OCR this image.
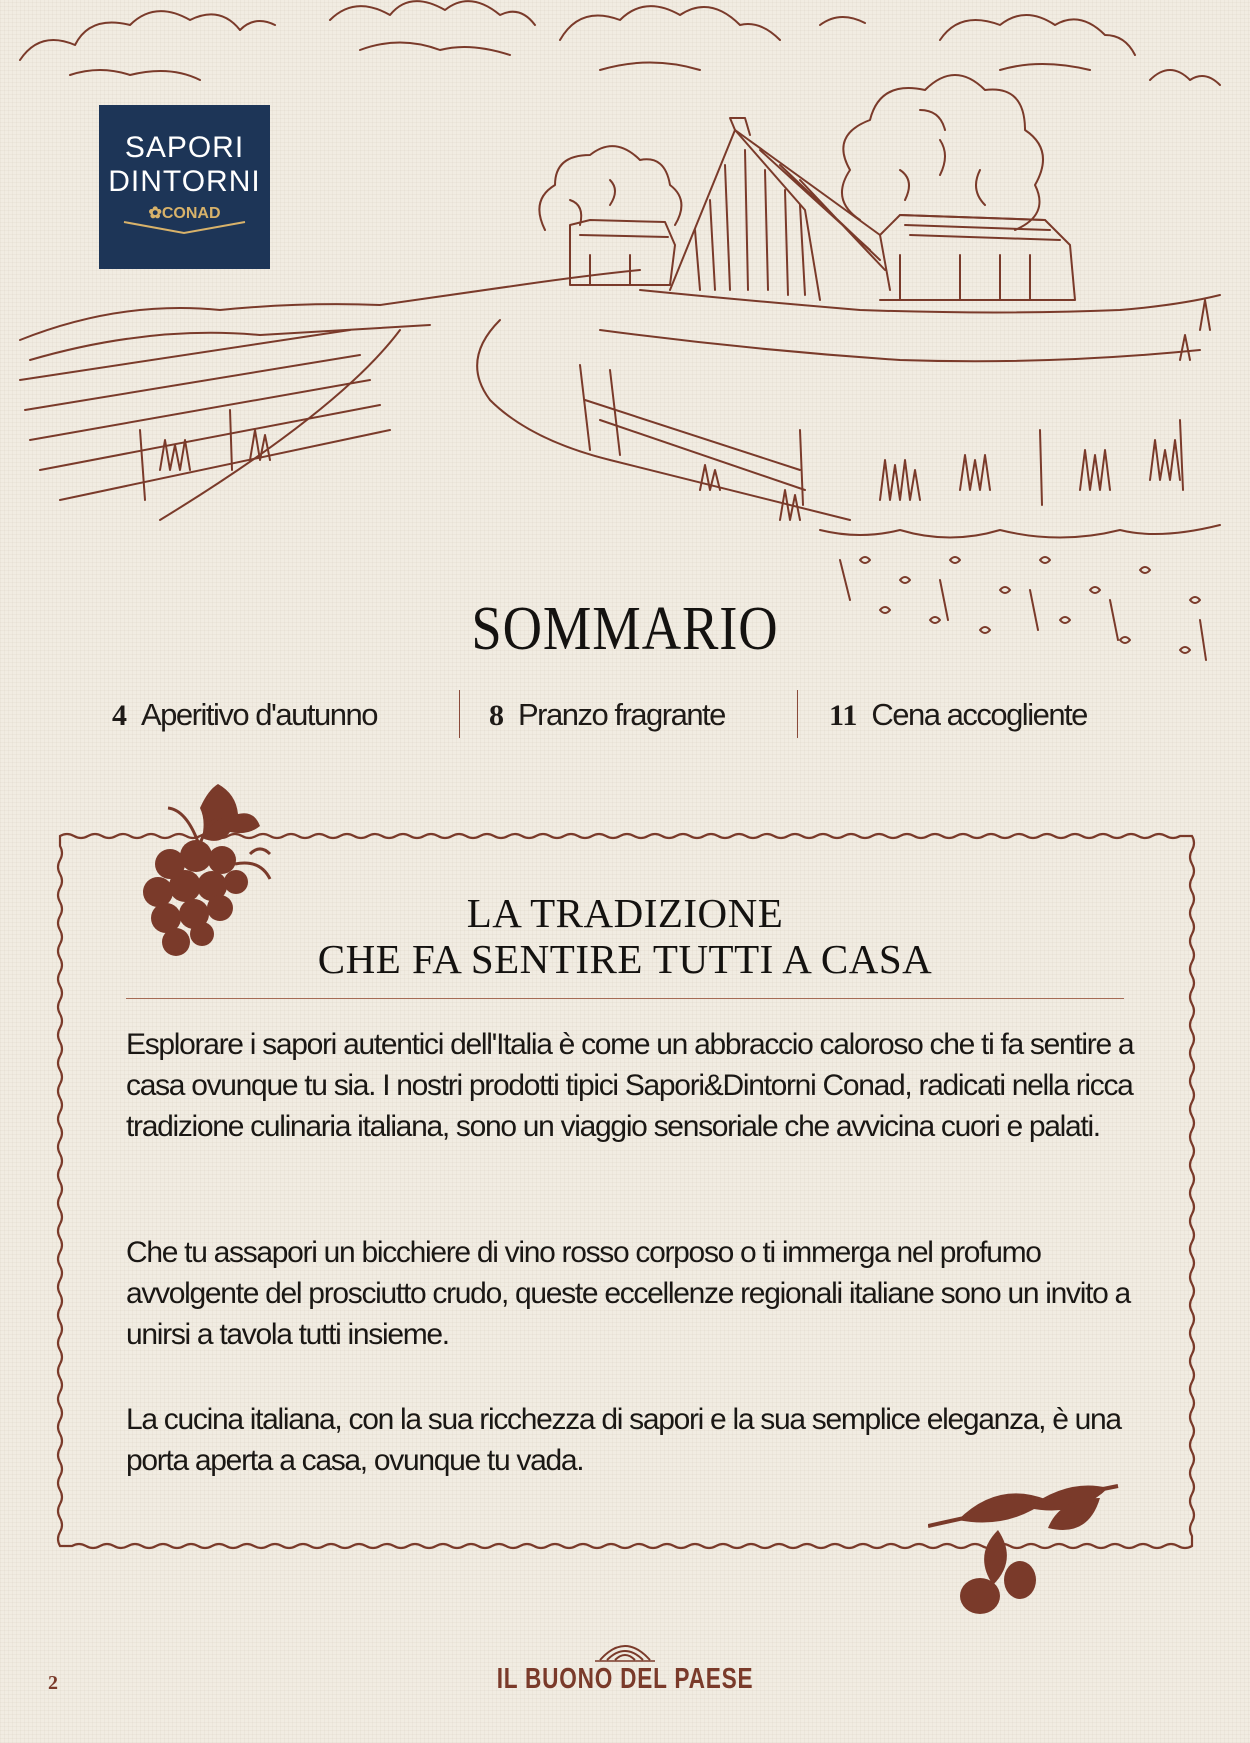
SAPORI
DINTORNI
✿CONAD
SOMMARIO
4 Aperitivo d'autunno	8 Pranzo fragrante	11 Cena accogliente
LA TRADIZIONE
CHE FA SENTIRE TUTTI A CASA

Esplorare i sapori autentici dell'Italia è come un abbraccio caloroso che ti fa sentire a casa ovunque tu sia. I nostri prodotti tipici Sapori&Dintorni Conad, radicati nella ricca tradizione culinaria italiana, sono un viaggio sensoriale che avvicina cuori e palati.

Che tu assapori un bicchiere di vino rosso corposo o ti immerga nel profumo avvolgente del prosciutto crudo, queste eccellenze regionali italiane sono un invito a unirsi a tavola tutti insieme.

La cucina italiana, con la sua ricchezza di sapori e la sua semplice eleganza, è una porta aperta a casa, ovunque tu vada.

2	IL BUONO DEL PAESE
